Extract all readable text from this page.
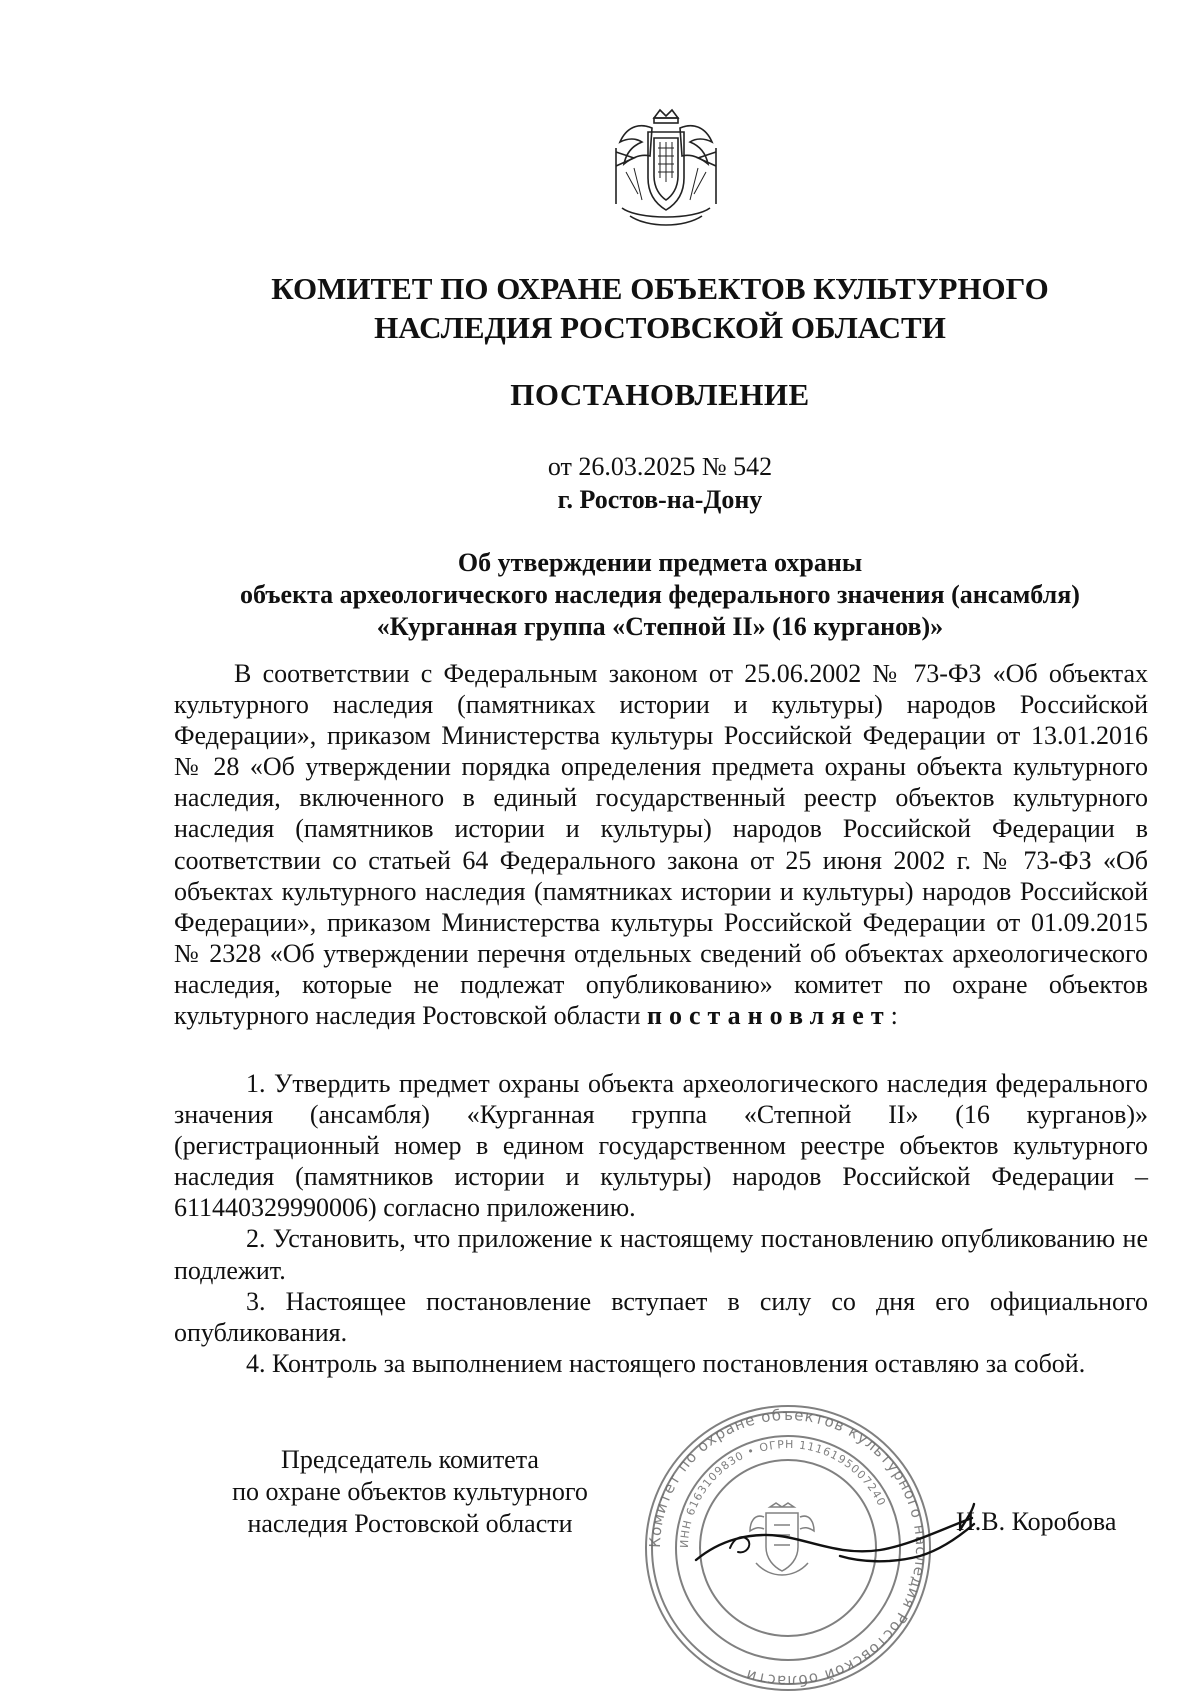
КОМИТЕТ ПО ОХРАНЕ ОБЪЕКТОВ КУЛЬТУРНОГО
НАСЛЕДИЯ РОСТОВСКОЙ ОБЛАСТИ
ПОСТАНОВЛЕНИЕ
от 26.03.2025 № 542
г. Ростов-на-Дону
Об утверждении предмета охраны
объекта археологического наследия федерального значения (ансамбля)
«Курганная группа «Степной II» (16 курганов)»

В соответствии с Федеральным законом от 25.06.2002 № 73-ФЗ «Об объектах культурного наследия (памятниках истории и культуры) народов Российской Федерации», приказом Министерства культуры Российской Федерации от 13.01.2016 № 28 «Об утверждении порядка определения предмета охраны объекта культурного наследия, включенного в единый государственный реестр объектов культурного наследия (памятников истории и культуры) народов Российской Федерации в соответствии со статьей 64 Федерального закона от 25 июня 2002 г. № 73-ФЗ «Об объектах культурного наследия (памятниках истории и культуры) народов Российской Федерации», приказом Министерства культуры Российской Федерации от 01.09.2015 № 2328 «Об утверждении перечня отдельных сведений об объектах археологического наследия, которые не подлежат опубликованию» комитет по охране объектов культурного наследия Ростовской области постановляет:

1. Утвердить предмет охраны объекта археологического наследия федерального значения (ансамбля) «Курганная группа «Степной II» (16 курганов)» (регистрационный номер в едином государственном реестре объектов культурного наследия (памятников истории и культуры) народов Российской Федерации – 611440329990006) согласно приложению.

2. Установить, что приложение к настоящему постановлению опубликованию не подлежит.

3. Настоящее постановление вступает в силу со дня его официального опубликования.

4. Контроль за выполнением настоящего постановления оставляю за собой.

Председатель комитета
по охране объектов культурного
наследия Ростовской области
Комитет по охране объектов культурного наследия Ростовской области
ИНН 6163109830 • ОГРН 1116195007240
И.В. Коробова
